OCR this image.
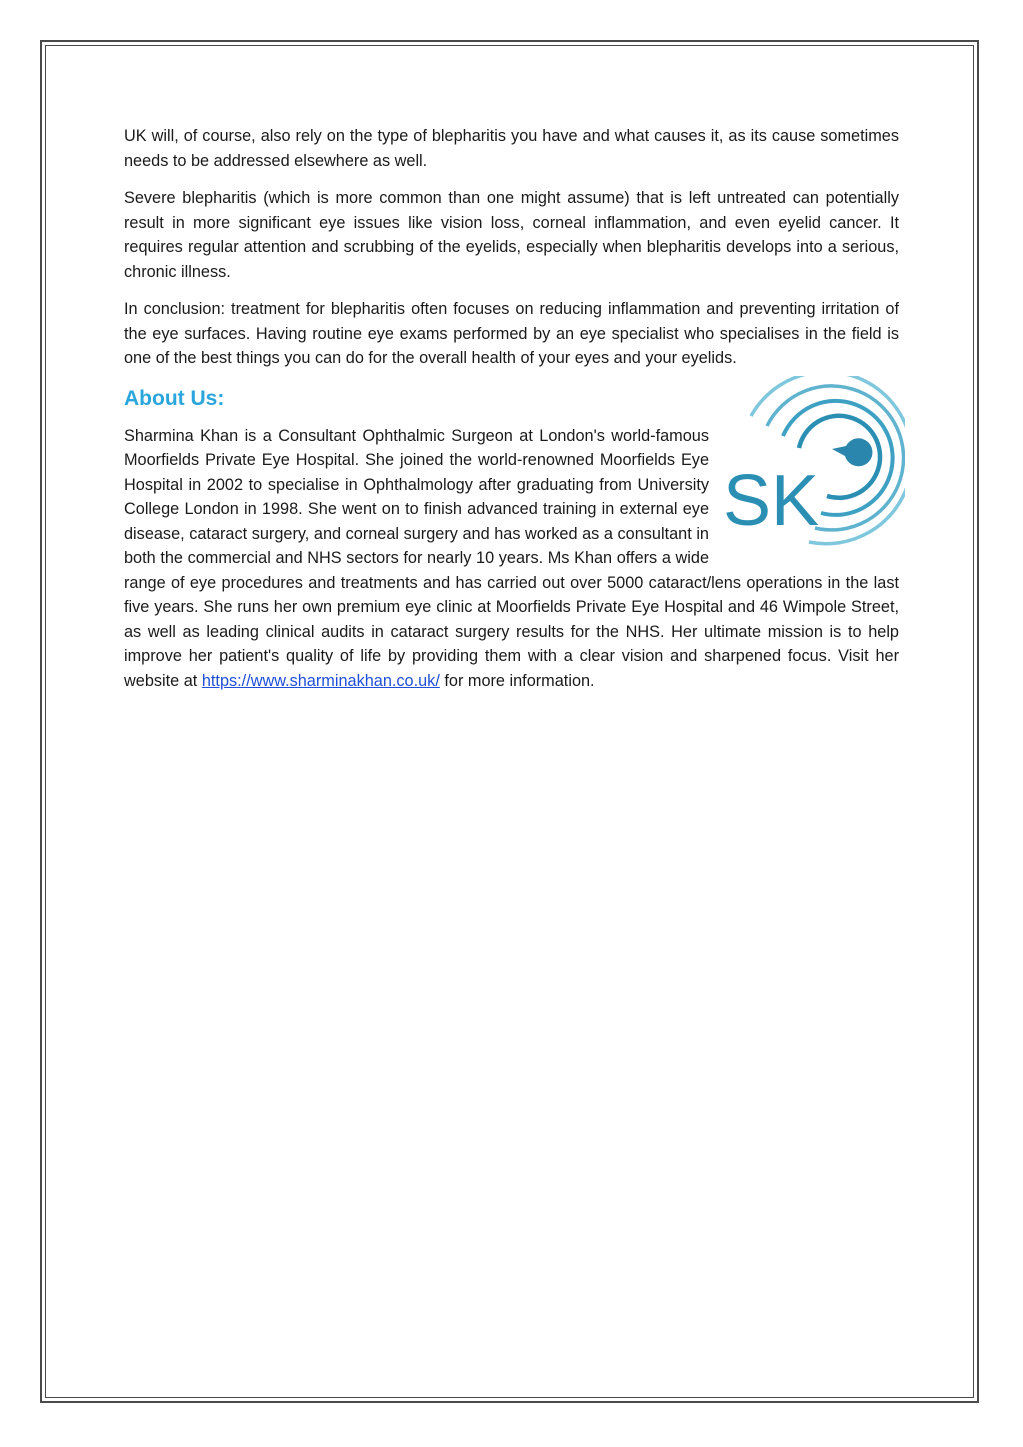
UK will, of course, also rely on the type of blepharitis you have and what causes it, as its cause sometimes needs to be addressed elsewhere as well.

Severe blepharitis (which is more common than one might assume) that is left untreated can potentially result in more significant eye issues like vision loss, corneal inflammation, and even eyelid cancer. It requires regular attention and scrubbing of the eyelids, especially when blepharitis develops into a serious, chronic illness.

In conclusion: treatment for blepharitis often focuses on reducing inflammation and preventing irritation of the eye surfaces. Having routine eye exams performed by an eye specialist who specialises in the field is one of the best things you can do for the overall health of your eyes and your eyelids.

About Us:

SK
Sharmina Khan is a Consultant Ophthalmic Surgeon at London's world-famous Moorfields Private Eye Hospital. She joined the world-renowned Moorfields Eye Hospital in 2002 to specialise in Ophthalmology after graduating from University College London in 1998. She went on to finish advanced training in external eye disease, cataract surgery, and corneal surgery and has worked as a consultant in both the commercial and NHS sectors for nearly 10 years. Ms Khan offers a wide range of eye procedures and treatments and has carried out over 5000 cataract/lens operations in the last five years. She runs her own premium eye clinic at Moorfields Private Eye Hospital and 46 Wimpole Street, as well as leading clinical audits in cataract surgery results for the NHS. Her ultimate mission is to help improve her patient's quality of life by providing them with a clear vision and sharpened focus. Visit her website at https://www.sharminakhan.co.uk/ for more information.
